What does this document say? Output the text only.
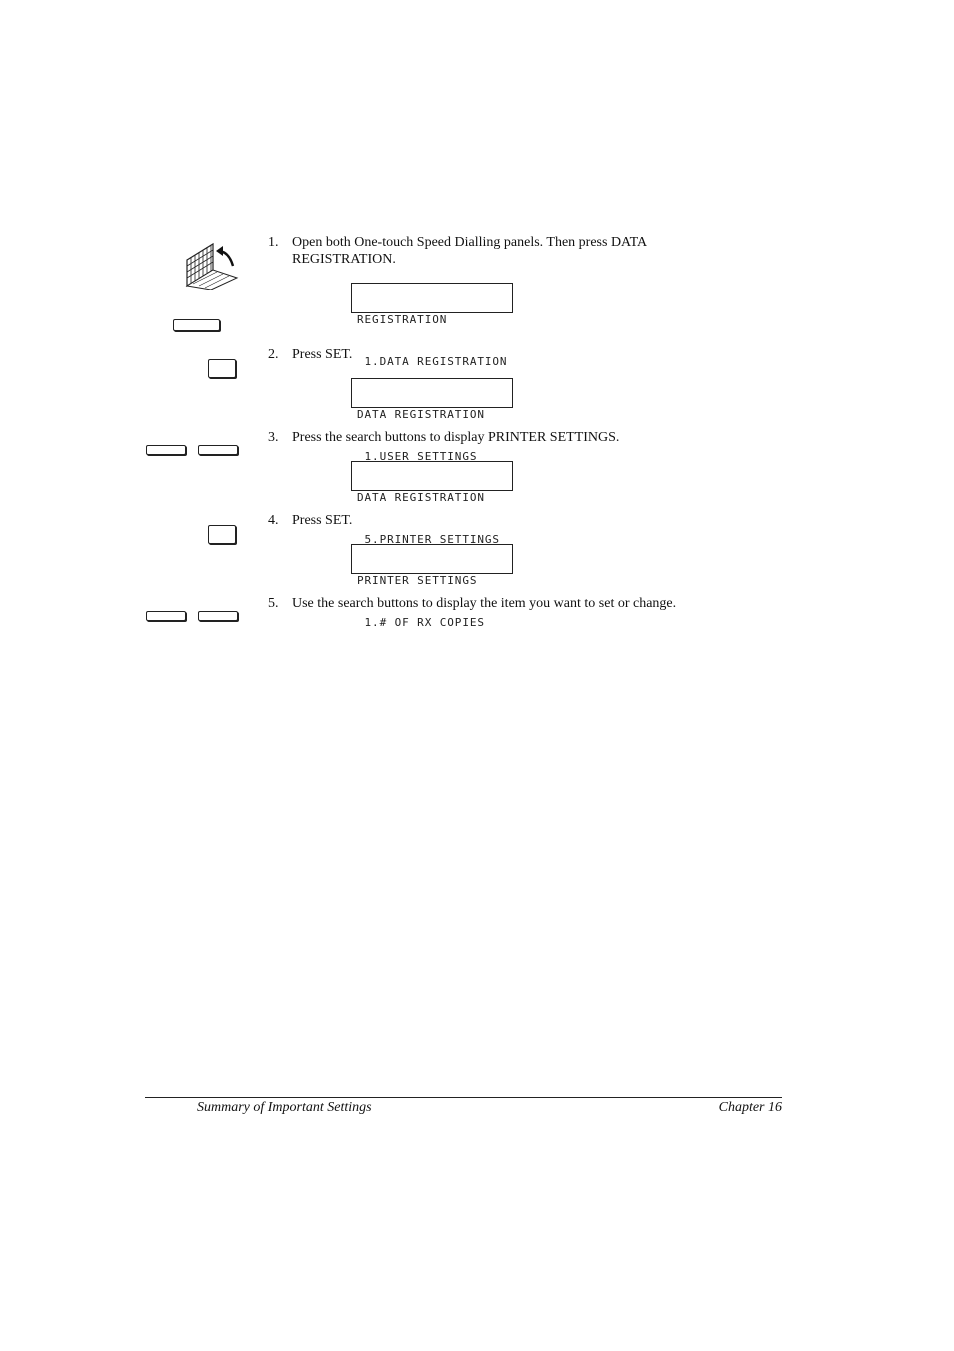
1. Open both One-touch Speed Dialling panels. Then press DATA REGISTRATION.

REGISTRATION

1.DATA REGISTRATION

2. Press SET.

DATA REGISTRATION

1.USER SETTINGS

3. Press the search buttons to display PRINTER SETTINGS.

DATA REGISTRATION

5.PRINTER SETTINGS

4. Press SET.

PRINTER SETTINGS

1.# OF RX COPIES

5. Use the search buttons to display the item you want to set or change.
Summary of Important Settings	Chapter 16
